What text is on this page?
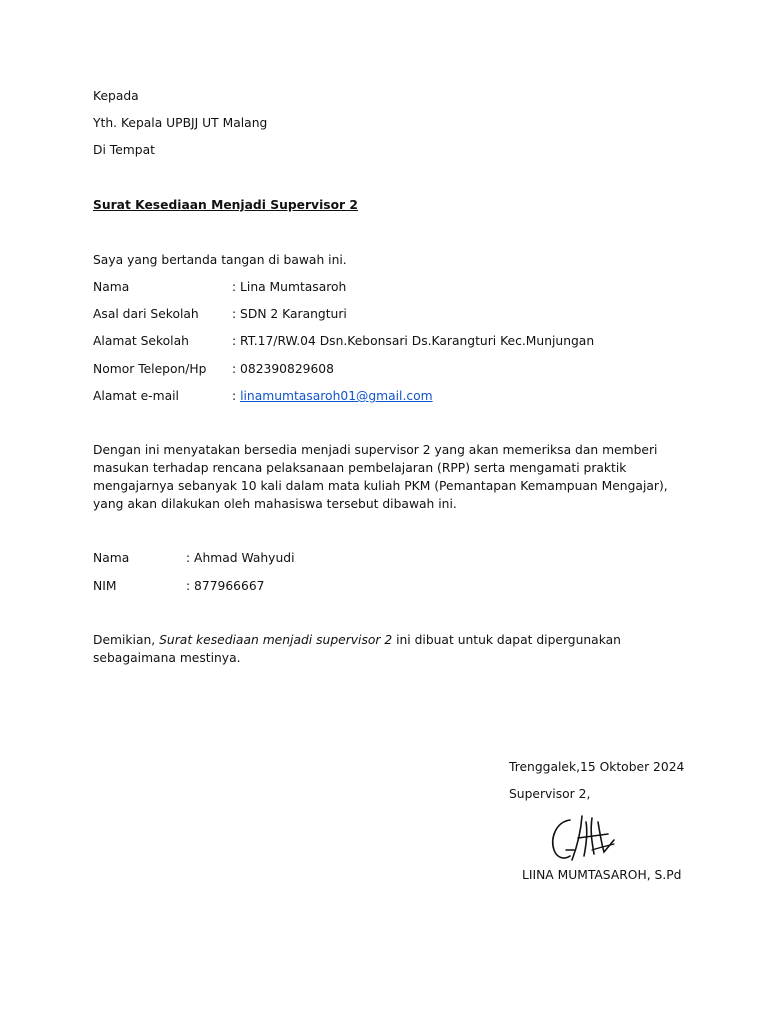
Kepada
Yth. Kepala UPBJJ UT Malang
Di Tempat
Surat Kesediaan Menjadi Supervisor 2
Saya yang bertanda tangan di bawah ini.
Nama	: Lina Mumtasaroh
Asal dari Sekolah	: SDN 2 Karangturi
Alamat Sekolah	: RT.17/RW.04 Dsn.Kebonsari Ds.Karangturi Kec.Munjungan
Nomor Telepon/Hp : 082390829608
Alamat e-mail	: linamumtasaroh01@gmail.com
Dengan ini menyatakan bersedia menjadi supervisor 2 yang akan memeriksa dan memberi masukan terhadap rencana pelaksanaan pembelajaran (RPP) serta mengamati praktik mengajarnya sebanyak 10 kali dalam mata kuliah PKM (Pemantapan Kemampuan Mengajar), yang akan dilakukan oleh mahasiswa tersebut dibawah ini.
Nama	: Ahmad Wahyudi
NIM	: 877966667
Demikian, Surat kesediaan menjadi supervisor 2 ini dibuat untuk dapat dipergunakan sebagaimana mestinya.
Trenggalek,15 Oktober 2024
Supervisor 2,
LIINA MUMTASAROH, S.Pd
